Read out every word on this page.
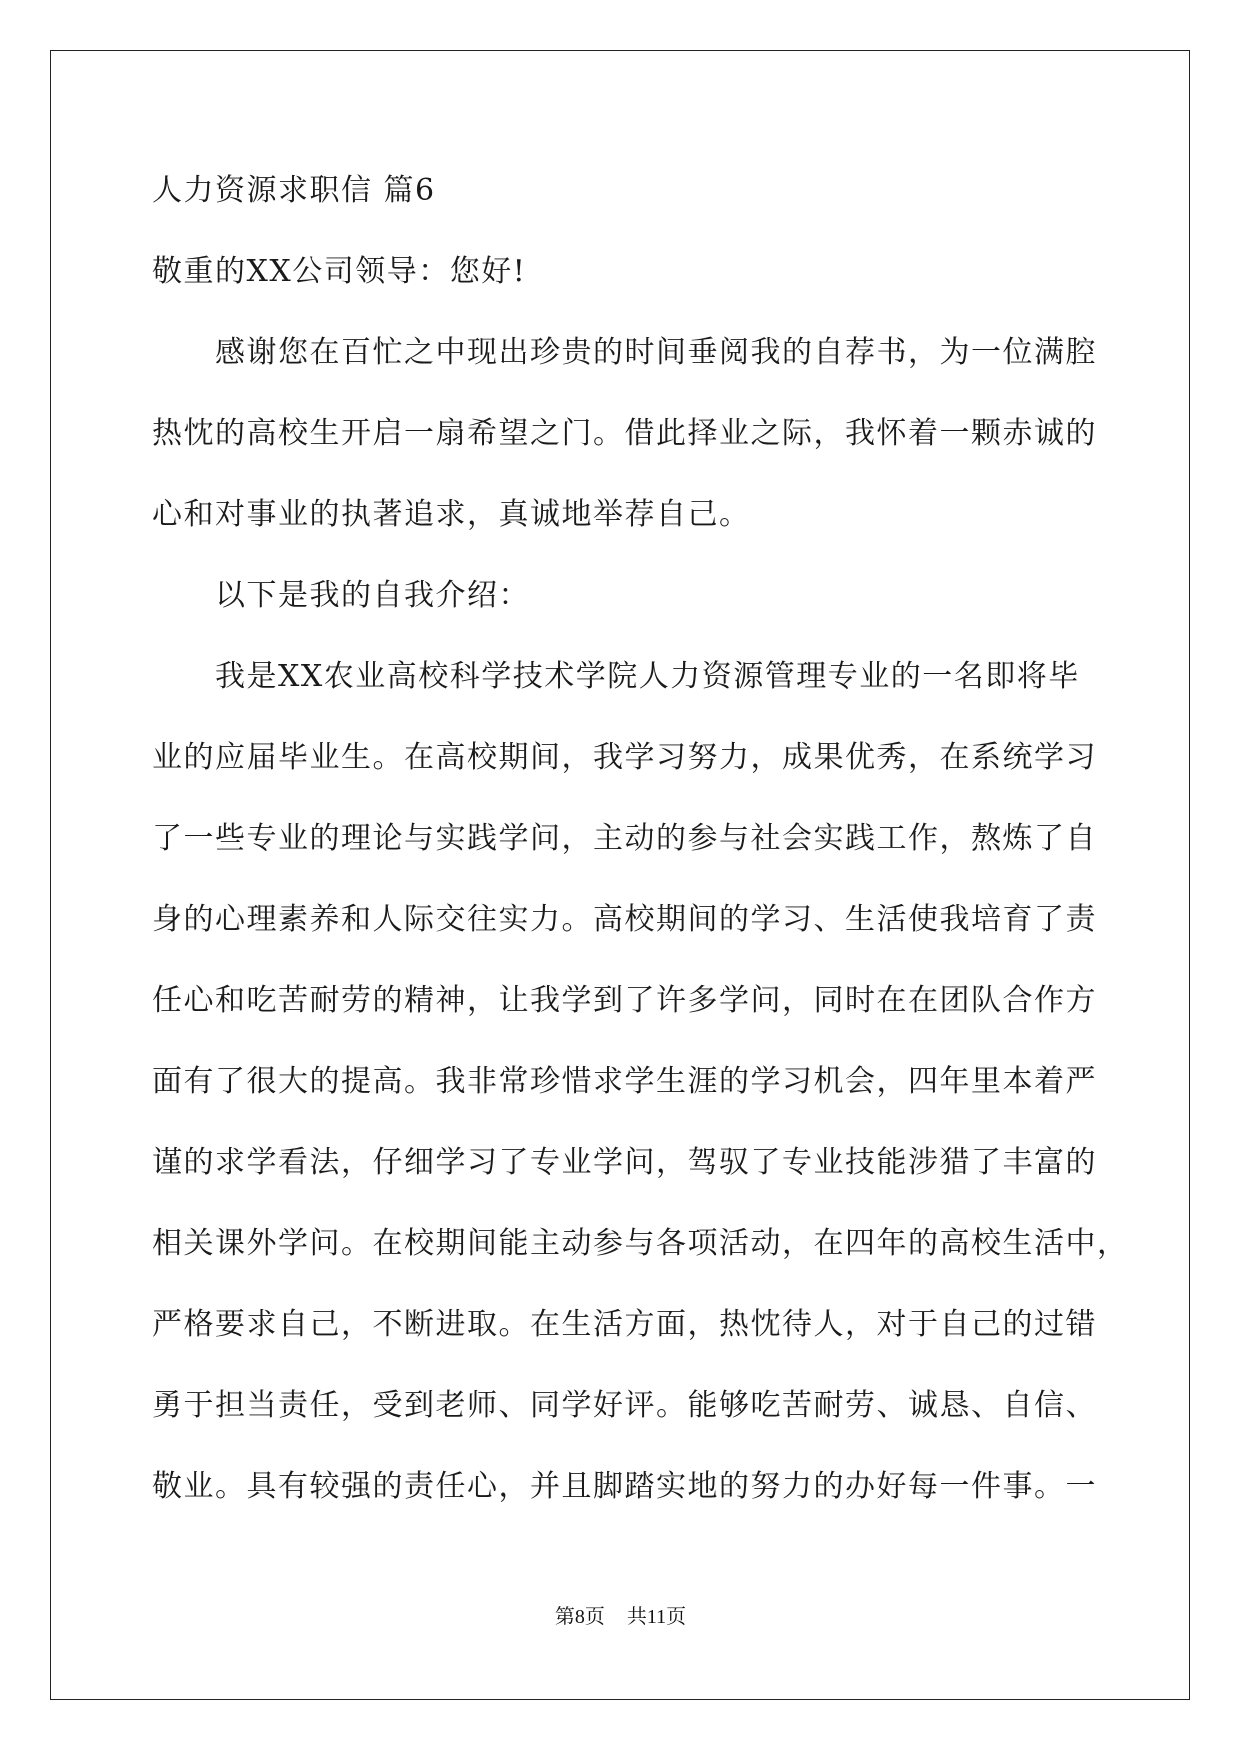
人力资源求职信 篇6
敬重的XX公司领导：您好!
　　感谢您在百忙之中现出珍贵的时间垂阅我的自荐书，为一位满腔
热忱的高校生开启一扇希望之门。借此择业之际，我怀着一颗赤诚的
心和对事业的执著追求，真诚地举荐自己。
　　以下是我的自我介绍：
　　我是XX农业高校科学技术学院人力资源管理专业的一名即将毕
业的应届毕业生。在高校期间，我学习努力，成果优秀，在系统学习
了一些专业的理论与实践学问，主动的参与社会实践工作，熬炼了自
身的心理素养和人际交往实力。高校期间的学习、生活使我培育了责
任心和吃苦耐劳的精神，让我学到了许多学问，同时在在团队合作方
面有了很大的提高。我非常珍惜求学生涯的学习机会，四年里本着严
谨的求学看法，仔细学习了专业学问，驾驭了专业技能涉猎了丰富的
相关课外学问。在校期间能主动参与各项活动，在四年的高校生活中，
严格要求自己，不断进取。在生活方面，热忱待人，对于自己的过错
勇于担当责任，受到老师、同学好评。能够吃苦耐劳、诚恳、自信、
敬业。具有较强的责任心，并且脚踏实地的努力的办好每一件事。一
第8页 共11页
